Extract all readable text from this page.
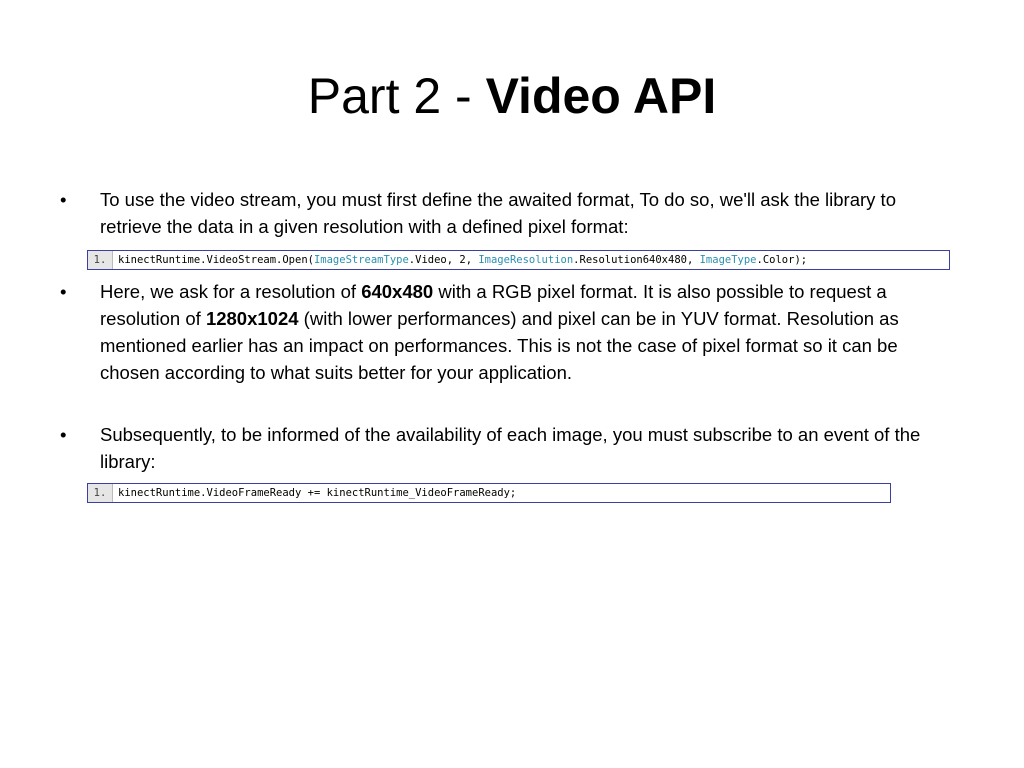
Part 2 - Video API
•	To use the video stream, you must first define the awaited format, To do so, we'll ask the library to retrieve the data in a given resolution with a defined pixel format:
1. kinectRuntime.VideoStream.Open(ImageStreamType.Video, 2, ImageResolution.Resolution640x480, ImageType.Color);
•	Here, we ask for a resolution of 640x480 with a RGB pixel format. It is also possible to request a resolution of 1280x1024 (with lower performances) and pixel can be in YUV format. Resolution as mentioned earlier has an impact on performances. This is not the case of pixel format so it can be chosen according to what suits better for your application.
•	Subsequently, to be informed of the availability of each image, you must subscribe to an event of the library:
1. kinectRuntime.VideoFrameReady += kinectRuntime_VideoFrameReady;
